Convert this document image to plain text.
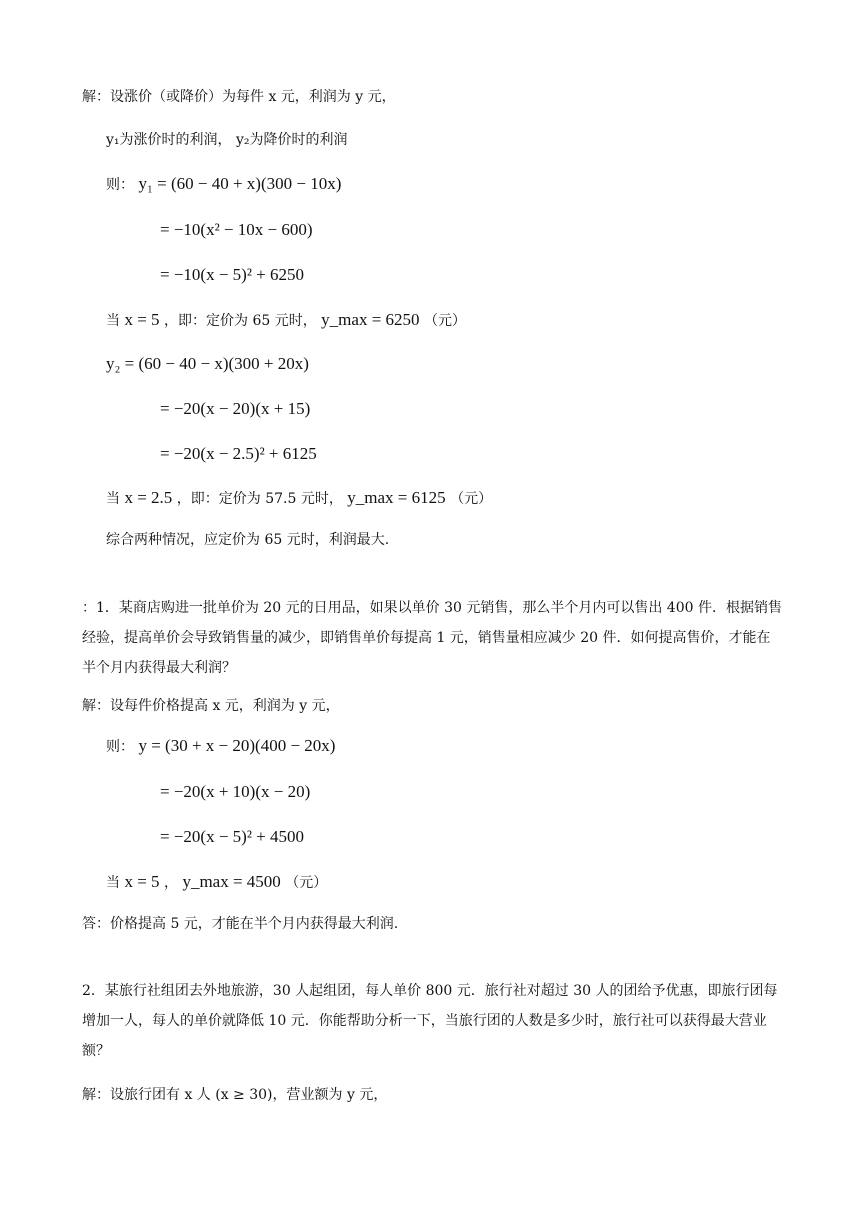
解：设涨价（或降价）为每件 x 元，利润为 y 元，
y₁为涨价时的利润， y₂为降价时的利润
则： y₁ = (60 − 40 + x)(300 − 10x)
= −10(x² − 10x − 600)
= −10(x − 5)² + 6250
当 x = 5 ，即：定价为 65 元时， y_max = 6250 （元）
y₂ = (60 − 40 − x)(300 + 20x)
= −20(x − 20)(x + 15)
= −20(x − 2.5)² + 6125
当 x = 2.5 ，即：定价为 57.5 元时， y_max = 6125 （元）
综合两种情况，应定价为 65 元时，利润最大.
：1．某商店购进一批单价为 20 元的日用品，如果以单价 30 元销售，那么半个月内可以售出 400 件．根据销售经验，提高单价会导致销售量的减少，即销售单价每提高 1 元，销售量相应减少 20 件．如何提高售价，才能在半个月内获得最大利润？
解：设每件价格提高 x 元，利润为 y 元，
则： y = (30 + x − 20)(400 − 20x)
= −20(x + 10)(x − 20)
= −20(x − 5)² + 4500
当 x = 5 ， y_max = 4500 （元）
答：价格提高 5 元，才能在半个月内获得最大利润.
2．某旅行社组团去外地旅游，30 人起组团，每人单价 800 元．旅行社对超过 30 人的团给予优惠，即旅行团每增加一人，每人的单价就降低 10 元．你能帮助分析一下，当旅行团的人数是多少时，旅行社可以获得最大营业额？
解：设旅行团有 x 人 (x ≥ 30)，营业额为 y 元，
